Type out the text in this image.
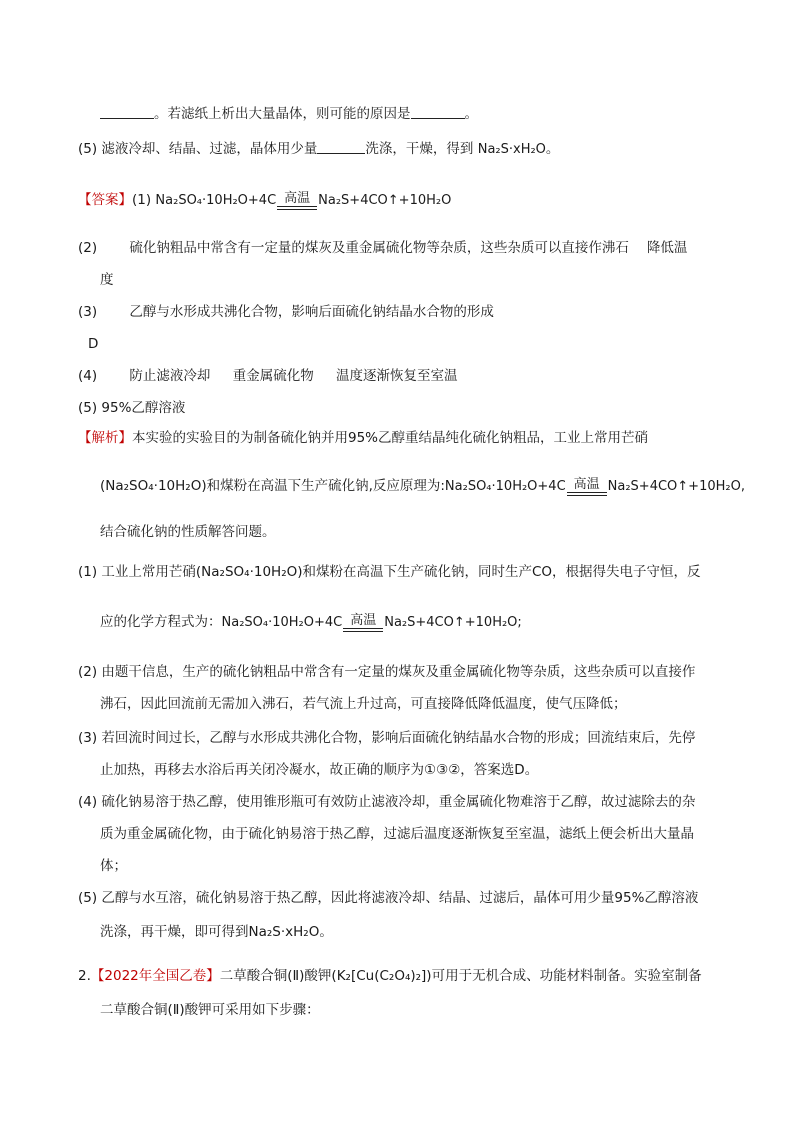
。若滤纸上析出大量晶体，则可能的原因是	。
(5) 滤液冷却、结晶、过滤，晶体用少量	洗涤，干燥，得到 Na₂S·xH₂O。
【答案】(1) Na₂SO₄·10H₂O+4C 高温 Na₂S+4CO↑+10H₂O
(2) 硫化钠粗品中常含有一定量的煤灰及重金属硫化物等杂质，这些杂质可以直接作沸石 降低温
度
(3) 乙醇与水形成共沸化合物，影响后面硫化钠结晶水合物的形成
D
(4) 防止滤液冷却 重金属硫化物 温度逐渐恢复至室温
(5) 95%乙醇溶液
【解析】本实验的实验目的为制备硫化钠并用95%乙醇重结晶纯化硫化钠粗品，工业上常用芒硝
(Na₂SO₄·10H₂O)和煤粉在高温下生产硫化钠,反应原理为:Na₂SO₄·10H₂O+4C 高温 Na₂S+4CO↑+10H₂O,
结合硫化钠的性质解答问题。
(1) 工业上常用芒硝(Na₂SO₄·10H₂O)和煤粉在高温下生产硫化钠，同时生产CO，根据得失电子守恒，反
应的化学方程式为：Na₂SO₄·10H₂O+4C 高温 Na₂S+4CO↑+10H₂O;
(2) 由题干信息，生产的硫化钠粗品中常含有一定量的煤灰及重金属硫化物等杂质，这些杂质可以直接作
沸石，因此回流前无需加入沸石，若气流上升过高，可直接降低降低温度，使气压降低；
(3) 若回流时间过长，乙醇与水形成共沸化合物，影响后面硫化钠结晶水合物的形成；回流结束后，先停
止加热，再移去水浴后再关闭冷凝水，故正确的顺序为①③②，答案选D。
(4) 硫化钠易溶于热乙醇，使用锥形瓶可有效防止滤液冷却，重金属硫化物难溶于乙醇，故过滤除去的杂
质为重金属硫化物，由于硫化钠易溶于热乙醇，过滤后温度逐渐恢复至室温，滤纸上便会析出大量晶
体；
(5) 乙醇与水互溶，硫化钠易溶于热乙醇，因此将滤液冷却、结晶、过滤后，晶体可用少量95%乙醇溶液
洗涤，再干燥，即可得到Na₂S·xH₂O。
2.【2022年全国乙卷】二草酸合铜(Ⅱ)酸钾(K₂[Cu(C₂O₄)₂])可用于无机合成、功能材料制备。实验室制备
二草酸合铜(Ⅱ)酸钾可采用如下步骤：
